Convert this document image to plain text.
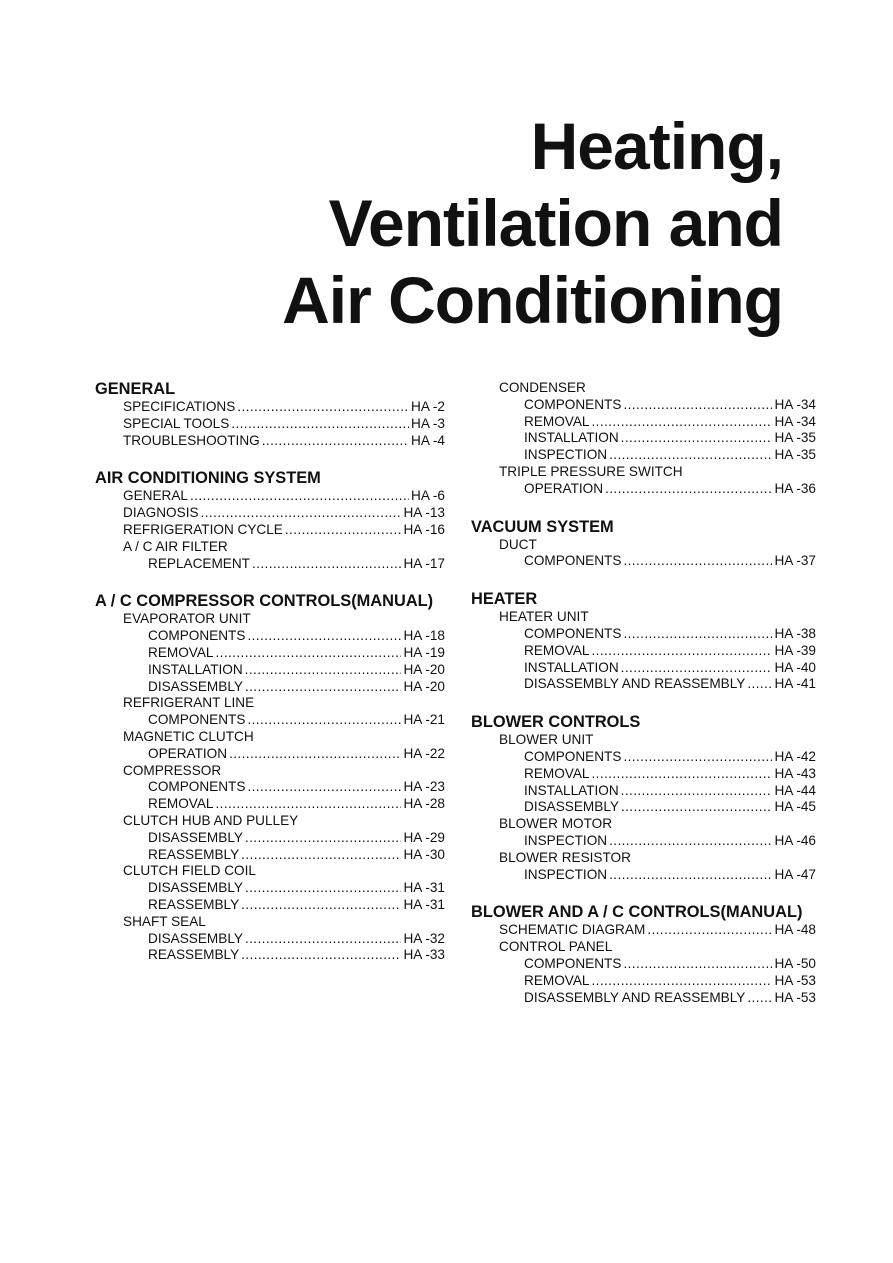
Heating,
Ventilation and
Air Conditioning
GENERAL
SPECIFICATIONS .....	HA -2
SPECIAL TOOLS .....	HA -3
TROUBLESHOOTING .....	HA -4
AIR CONDITIONING SYSTEM
GENERAL .....	HA -6
DIAGNOSIS .....	HA -13
REFRIGERATION CYCLE .....	HA -16
A / C AIR FILTER
REPLACEMENT .....	HA -17
A / C COMPRESSOR CONTROLS(MANUAL)
EVAPORATOR UNIT
COMPONENTS .....	HA -18
REMOVAL .....	HA -19
INSTALLATION .....	HA -20
DISASSEMBLY .....	HA -20
REFRIGERANT LINE
COMPONENTS .....	HA -21
MAGNETIC CLUTCH
OPERATION .....	HA -22
COMPRESSOR
COMPONENTS .....	HA -23
REMOVAL .....	HA -28
CLUTCH HUB AND PULLEY
DISASSEMBLY .....	HA -29
REASSEMBLY .....	HA -30
CLUTCH FIELD COIL
DISASSEMBLY .....	HA -31
REASSEMBLY .....	HA -31
SHAFT SEAL
DISASSEMBLY .....	HA -32
REASSEMBLY .....	HA -33
CONDENSER
COMPONENTS .....	HA -34
REMOVAL .....	HA -34
INSTALLATION .....	HA -35
INSPECTION .....	HA -35
TRIPLE PRESSURE SWITCH
OPERATION .....	HA -36
VACUUM SYSTEM
DUCT
COMPONENTS .....	HA -37
HEATER
HEATER UNIT
COMPONENTS .....	HA -38
REMOVAL .....	HA -39
INSTALLATION .....	HA -40
DISASSEMBLY AND REASSEMBLY ..... HA -41
BLOWER CONTROLS
BLOWER UNIT
COMPONENTS .....	HA -42
REMOVAL .....	HA -43
INSTALLATION .....	HA -44
DISASSEMBLY .....	HA -45
BLOWER MOTOR
INSPECTION .....	HA -46
BLOWER RESISTOR
INSPECTION .....	HA -47
BLOWER AND A / C CONTROLS(MANUAL)
SCHEMATIC DIAGRAM .....	HA -48
CONTROL PANEL
COMPONENTS .....	HA -50
REMOVAL .....	HA -53
DISASSEMBLY AND REASSEMBLY ..... HA -53
